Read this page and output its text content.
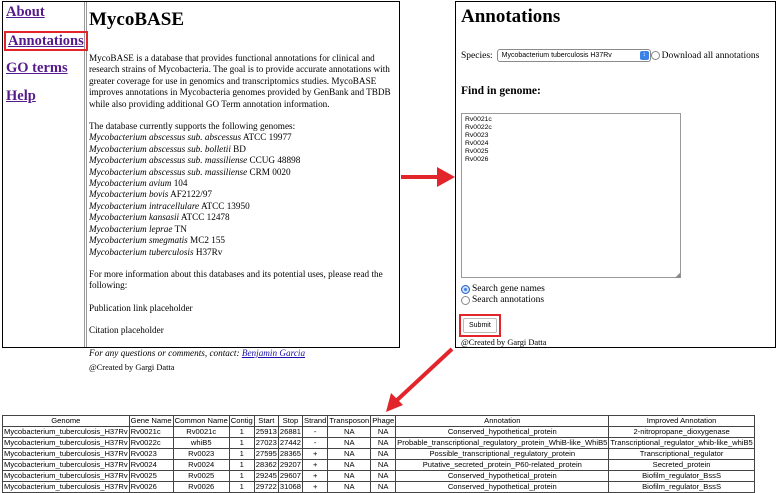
About
Annotations
GO terms
Help
MycoBASE

MycoBASE is a database that provides functional annotations for clinical and research strains of Mycobacteria. The goal is to provide accurate annotations with greater coverage for use in genomics and transcriptomics studies. MycoBASE improves annotations in Mycobacteria genomes provided by GenBank and TBDB while also providing additional GO Term annotation information.

The database currently supports the following genomes:
Mycobacterium abscessus sub. abscessus ATCC 19977
Mycobacterium abscessus sub. bolletii BD
Mycobacterium abscessus sub. massiliense CCUG 48898
Mycobacterium abscessus sub. massiliense CRM 0020
Mycobacterium avium 104
Mycobacterium bovis AF2122/97
Mycobacterium intracellulare ATCC 13950
Mycobacterium kansasii ATCC 12478
Mycobacterium leprae TN
Mycobacterium smegmatis MC2 155
Mycobacterium tuberculosis H37Rv

For more information about this databases and its potential uses, please read the following:

Publication link placeholder

Citation placeholder

For any questions or comments, contact: Benjamin Garcia
@Created by Gargi Datta
Annotations
Species: Mycobacterium tuberculosis H37Rv	↕	Download all annotations
Find in genome:
Rv0021c
Rv0022c
Rv0023
Rv0024
Rv0025
Rv0026
◢
Search gene names
Search annotations
Submit
@Created by Gargi Datta
Genome	Gene Name	Common Name	Contig	Start	Stop	Strand	Transposon	Phage	Annotation	Improved Annotation
Mycobacterium_tuberculosis_H37Rv	Rv0021c	Rv0021c	1	25913	26881	-	NA	NA	Conserved_hypothetical_protein	2-nitropropane_dioxygenase
Mycobacterium_tuberculosis_H37Rv	Rv0022c	whiB5	1	27023	27442	-	NA	NA	Probable_transcriptional_regulatory_protein_WhiB-like_WhiB5	Transcriptional_regulator_whib-like_whiB5
Mycobacterium_tuberculosis_H37Rv	Rv0023	Rv0023	1	27595	28365	+	NA	NA	Possible_transcriptional_regulatory_protein	Transcriptional_regulator
Mycobacterium_tuberculosis_H37Rv	Rv0024	Rv0024	1	28362	29207	+	NA	NA	Putative_secreted_protein_P60-related_protein	Secreted_protein
Mycobacterium_tuberculosis_H37Rv	Rv0025	Rv0025	1	29245	29607	+	NA	NA	Conserved_hypothetical_protein	Biofilm_regulator_BssS
Mycobacterium_tuberculosis_H37Rv	Rv0026	Rv0026	1	29722	31068	+	NA	NA	Conserved_hypothetical_protein	Biofilm_regulator_BssS
